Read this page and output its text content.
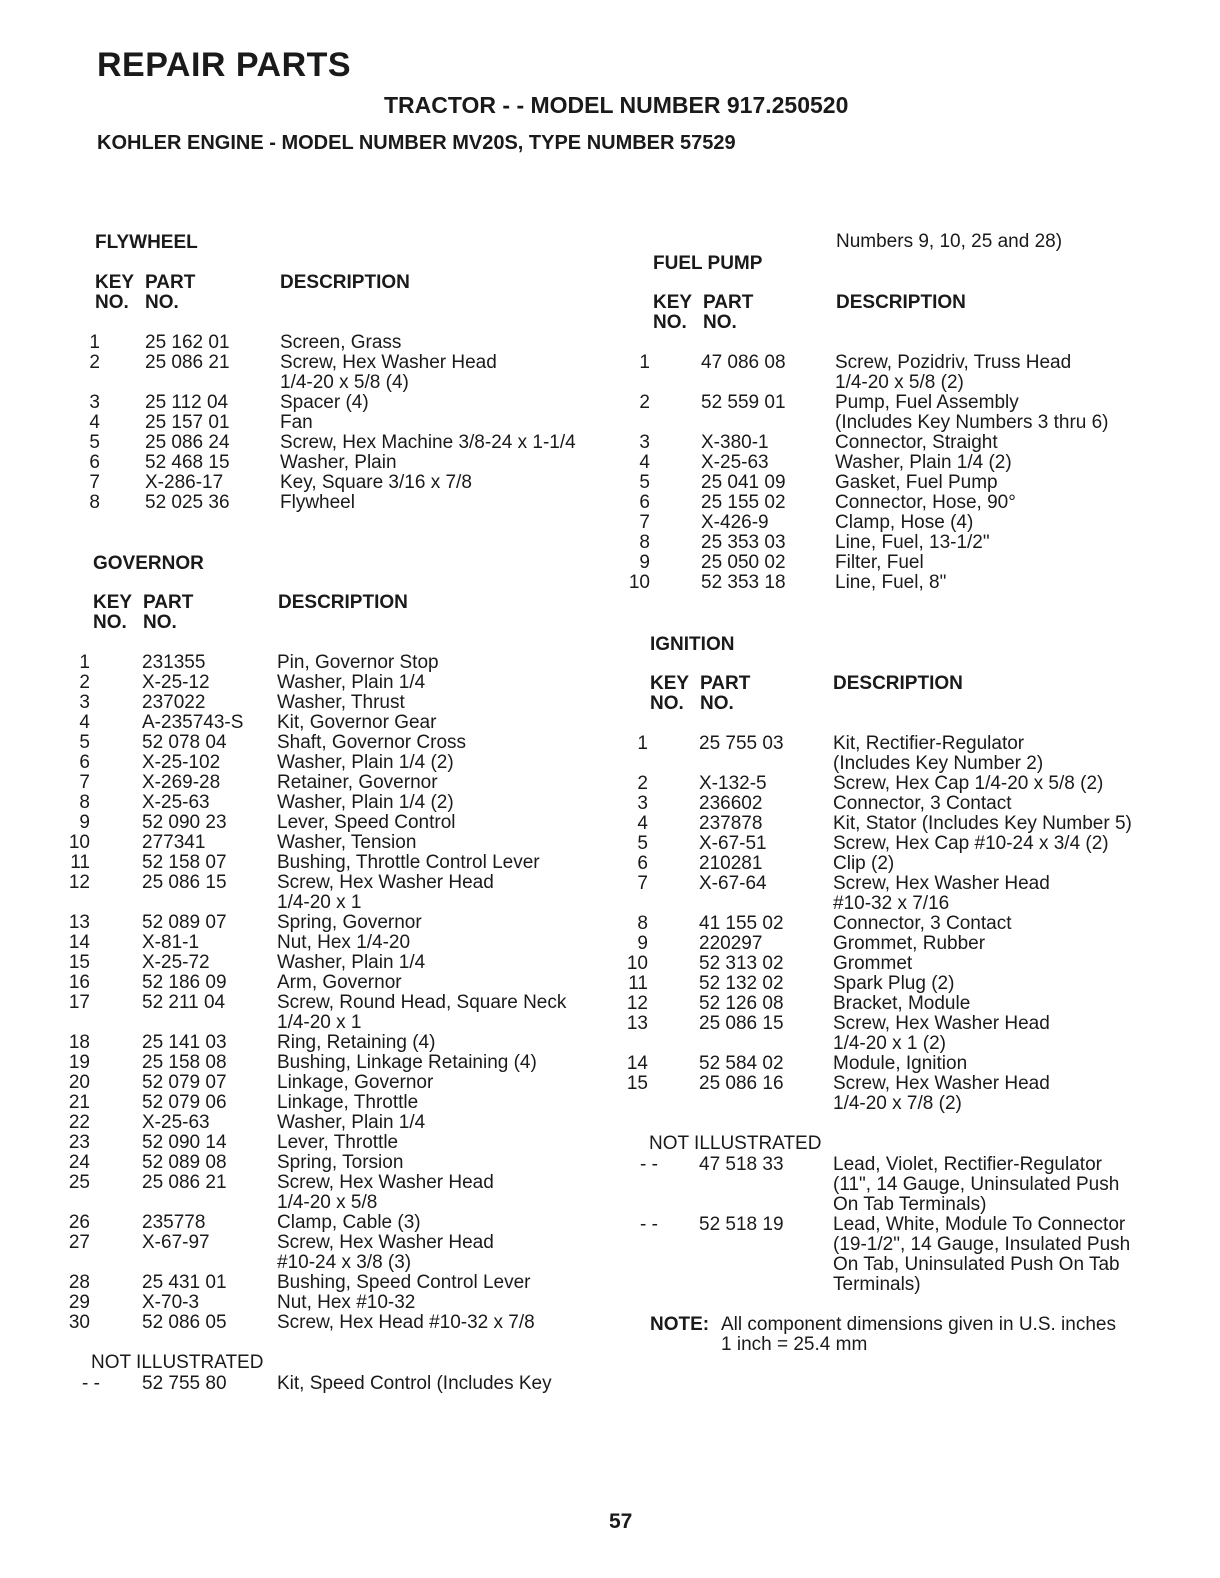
REPAIR PARTS
TRACTOR - - MODEL NUMBER 917.250520
KOHLER ENGINE - MODEL NUMBER MV20S, TYPE NUMBER 57529
FLYWHEEL
KEY
NO.
PART
NO.
DESCRIPTION
1 25 162 01	Screen, Grass
2 25 086 21	Screw, Hex Washer Head
1/4-20 x 5/8 (4)
3 25 112 04	Spacer (4)
4 25 157 01	Fan
5 25 086 24	Screw, Hex Machine 3/8-24 x 1-1/4
6 52 468 15	Washer, Plain
7 X-286-17	Key, Square 3/16 x 7/8
8 52 025 36	Flywheel
GOVERNOR
KEY
NO.
PART
NO.
DESCRIPTION
1	231355	Pin, Governor Stop
2	X-25-12	Washer, Plain 1/4
3	237022	Washer, Thrust
4	A-235743-S Kit, Governor Gear
5	52 078 04	Shaft, Governor Cross
6	X-25-102	Washer, Plain 1/4 (2)
7	X-269-28	Retainer, Governor
8	X-25-63	Washer, Plain 1/4 (2)
9	52 090 23	Lever, Speed Control
10	277341	Washer, Tension
11	52 158 07	Bushing, Throttle Control Lever
12	25 086 15	Screw, Hex Washer Head
1/4-20 x 1
13	52 089 07	Spring, Governor
14	X-81-1	Nut, Hex 1/4-20
15	X-25-72	Washer, Plain 1/4
16	52 186 09	Arm, Governor
17	52 211 04	Screw, Round Head, Square Neck
1/4-20 x 1
18	25 141 03	Ring, Retaining (4)
19	25 158 08	Bushing, Linkage Retaining (4)
20	52 079 07	Linkage, Governor
21	52 079 06	Linkage, Throttle
22	X-25-63	Washer, Plain 1/4
23	52 090 14	Lever, Throttle
24	52 089 08	Spring, Torsion
25	25 086 21	Screw, Hex Washer Head
1/4-20 x 5/8
26	235778	Clamp, Cable (3)
27	X-67-97	Screw, Hex Washer Head
#10-24 x 3/8 (3)
28	25 431 01	Bushing, Speed Control Lever
29	X-70-3	Nut, Hex #10-32
30	52 086 05	Screw, Hex Head #10-32 x 7/8
NOT ILLUSTRATED
- -	52 755 80	Kit, Speed Control (Includes Key
Numbers 9, 10, 25 and 28)
FUEL PUMP
KEY
NO.
PART
NO.
DESCRIPTION
1	47 086 08	Screw, Pozidriv, Truss Head
1/4-20 x 5/8 (2)
2	52 559 01	Pump, Fuel Assembly
(Includes Key Numbers 3 thru 6)
3	X-380-1	Connector, Straight
4	X-25-63	Washer, Plain 1/4 (2)
5	25 041 09	Gasket, Fuel Pump
6	25 155 02	Connector, Hose, 90°
7	X-426-9	Clamp, Hose (4)
8	25 353 03	Line, Fuel, 13-1/2"
9	25 050 02	Filter, Fuel
10	52 353 18	Line, Fuel, 8"
IGNITION
KEY
NO.
PART
NO.
DESCRIPTION
1	25 755 03	Kit, Rectifier-Regulator
(Includes Key Number 2)
2	X-132-5	Screw, Hex Cap 1/4-20 x 5/8 (2)
3	236602	Connector, 3 Contact
4	237878	Kit, Stator (Includes Key Number 5)
5	X-67-51	Screw, Hex Cap #10-24 x 3/4 (2)
6	210281	Clip (2)
7	X-67-64	Screw, Hex Washer Head
#10-32 x 7/16
8	41 155 02	Connector, 3 Contact
9	220297	Grommet, Rubber
10	52 313 02	Grommet
11	52 132 02	Spark Plug (2)
12	52 126 08	Bracket, Module
13	25 086 15	Screw, Hex Washer Head
1/4-20 x 1 (2)
14	52 584 02	Module, Ignition
15	25 086 16	Screw, Hex Washer Head
1/4-20 x 7/8 (2)
NOT ILLUSTRATED
- -	47 518 33	Lead, Violet, Rectifier-Regulator
(11", 14 Gauge, Uninsulated Push
On Tab Terminals)
- -	52 518 19	Lead, White, Module To Connector
(19-1/2", 14 Gauge, Insulated Push
On Tab, Uninsulated Push On Tab
Terminals)
NOTE: All component dimensions given in U.S. inches
1 inch = 25.4 mm
57
